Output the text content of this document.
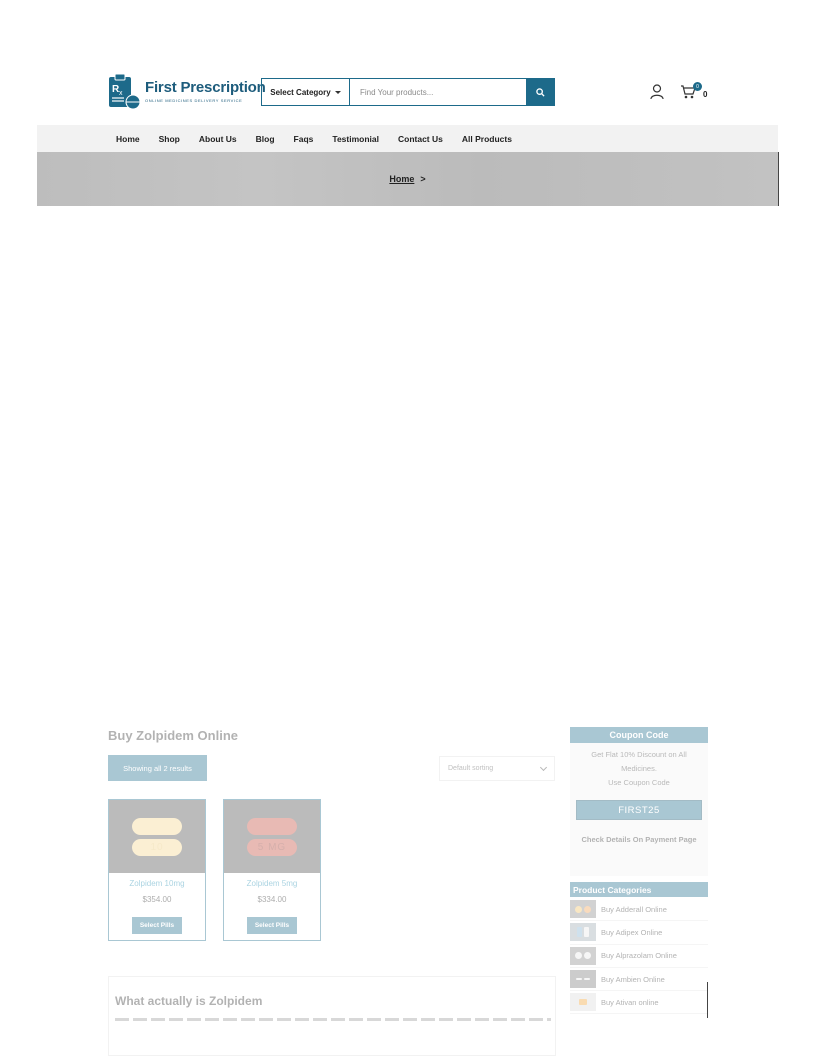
R x First Prescription
ONLINE MEDICINES DELIVERY SERVICE
Select Category
Find Your products...
0
0
Home Shop About Us Blog Faqs Testimonial Contact Us All Products
Home >
Buy Zolpidem Online
Showing all 2 results	Default sorting
10
Zolpidem 10mg
$354.00
Select Pills
5 MG
Zolpidem 5mg
$334.00
Select Pills
What actually is Zolpidem
Coupon Code
Get Flat 10% Discount on All Medicines.
Use Coupon Code
FIRST25
Check Details On Payment Page
Product Categories
Buy Adderall Online
Buy Adipex Online
Buy Alprazolam Online
Buy Ambien Online
Buy Ativan online
